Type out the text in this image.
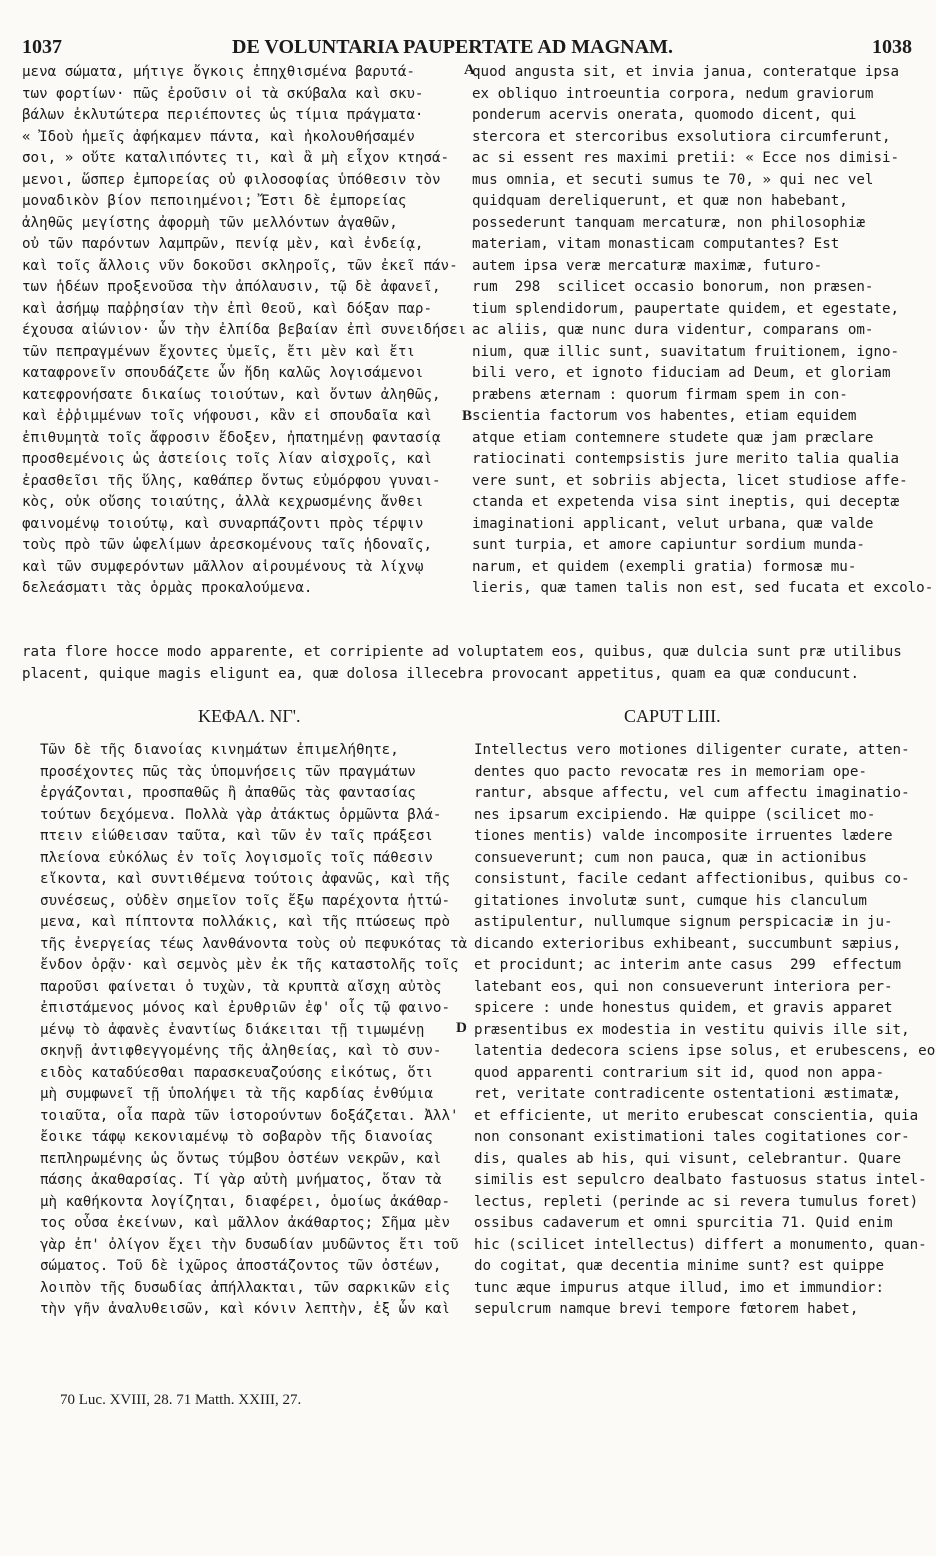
1037	DE VOLUNTARIA PAUPERTATE AD MAGNAM.	1038
μενα σώματα, μήτιγε ὄγκοις ἐπηχθισμένα βαρυτά-
των φορτίων· πῶς ἐροῦσιν οἱ τὰ σκύβαλα καὶ σκυ-
βάλων ἐκλυτώτερα περιέποντες ὡς τίμια πράγματα·
« Ἰδοὺ ἡμεῖς ἀφήκαμεν πάντα, καὶ ἠκολουθήσαμέν
σοι, » οὔτε καταλιπόντες τι, καὶ ἃ μὴ εἶχον κτησά-
μενοι, ὥσπερ ἐμπορείας οὐ φιλοσοφίας ὑπόθεσιν τὸν
μοναδικὸν βίον πεποιημένοι; Ἔστι δὲ ἐμπορείας
ἀληθῶς μεγίστης ἀφορμὴ τῶν μελλόντων ἀγαθῶν,
οὐ τῶν παρόντων λαμπρῶν, πενίᾳ μὲν, καὶ ἐνδείᾳ,
καὶ τοῖς ἄλλοις νῦν δοκοῦσι σκληροῖς, τῶν ἐκεῖ πάν-
των ἡδέων προξενοῦσα τὴν ἀπόλαυσιν, τῷ δὲ ἀφανεῖ,
καὶ ἀσήμῳ παῤῥησίαν τὴν ἐπὶ Θεοῦ, καὶ δόξαν παρ-
έχουσα αἰώνιον· ὧν τὴν ἐλπίδα βεβαίαν ἐπὶ συνειδήσει
τῶν πεπραγμένων ἔχοντες ὑμεῖς, ἔτι μὲν καὶ ἔτι
καταφρονεῖν σπουδάζετε ὧν ἤδη καλῶς λογισάμενοι
κατεφρονήσατε δικαίως τοιούτων, καὶ ὄντων ἀληθῶς,
καὶ ἐῤῥιμμένων τοῖς νήφουσι, κἂν εἰ σπουδαῖα καὶ
ἐπιθυμητὰ τοῖς ἄφροσιν ἔδοξεν, ἠπατημένῃ φαντασίᾳ
προσθεμένοις ὡς ἀστείοις τοῖς λίαν αἰσχροῖς, καὶ
ἐρασθεῖσι τῆς ὕλης, καθάπερ ὄντως εὐμόρφου γυναι-
κὸς, οὐκ οὔσης τοιαύτης, ἀλλὰ κεχρωσμένης ἄνθει
φαινομένῳ τοιούτῳ, καὶ συναρπάζοντι πρὸς τέρψιν
τοὺς πρὸ τῶν ὠφελίμων ἀρεσκομένους ταῖς ἡδοναῖς,
καὶ τῶν συμφερόντων μᾶλλον αἱρουμένους τὰ λίχνῳ
δελεάσματι τὰς ὁρμὰς προκαλούμενα.
quod angusta sit, et invia janua, conteratque ipsa
ex obliquo introeuntia corpora, nedum graviorum
ponderum acervis onerata, quomodo dicent, qui
stercora et stercoribus exsolutiora circumferunt,
ac si essent res maximi pretii: « Ecce nos dimisi-
mus omnia, et secuti sumus te 70, » qui nec vel
quidquam dereliquerunt, et quæ non habebant,
possederunt tanquam mercaturæ, non philosophiæ
materiam, vitam monasticam computantes? Est
autem ipsa veræ mercaturæ maximæ, futuro-
rum  298  scilicet occasio bonorum, non præsen-
tium splendidorum, paupertate quidem, et egestate,
ac aliis, quæ nunc dura videntur, comparans om-
nium, quæ illic sunt, suavitatum fruitionem, igno-
bili vero, et ignoto fiduciam ad Deum, et gloriam
præbens æternam : quorum firmam spem in con-
scientia factorum vos habentes, etiam equidem
atque etiam contemnere studete quæ jam præclare
ratiocinati contempsistis jure merito talia qualia
vere sunt, et sobriis abjecta, licet studiose affe-
ctanda et expetenda visa sint ineptis, qui deceptæ
imaginationi applicant, velut urbana, quæ valde
sunt turpia, et amore capiuntur sordium munda-
narum, et quidem (exempli gratia) formosæ mu-
lieris, quæ tamen talis non est, sed fucata et excolo-
rata flore hocce modo apparente, et corripiente ad voluptatem eos, quibus, quæ dulcia sunt præ utilibus
placent, quique magis eligunt ea, quæ dolosa illecebra provocant appetitus, quam ea quæ conducunt.
A
B
D
ΚΕΦΑΛ. ΝΓ'.	CAPUT LIII.
Τῶν δὲ τῆς διανοίας κινημάτων ἐπιμελήθητε,
προσέχοντες πῶς τὰς ὑπομνήσεις τῶν πραγμάτων
ἐργάζονται, προσπαθῶς ἢ ἀπαθῶς τὰς φαντασίας
τούτων δεχόμενα. Πολλὰ γὰρ ἀτάκτως ὁρμῶντα βλά-
πτειν εἰώθεισαν ταῦτα, καὶ τῶν ἐν ταῖς πράξεσι
πλείονα εὐκόλως ἐν τοῖς λογισμοῖς τοῖς πάθεσιν
εἴκοντα, καὶ συντιθέμενα τούτοις ἀφανῶς, καὶ τῆς
συνέσεως, οὐδὲν σημεῖον τοῖς ἔξω παρέχοντα ἡττώ-
μενα, καὶ πίπτοντα πολλάκις, καὶ τῆς πτώσεως πρὸ
τῆς ἐνεργείας τέως λανθάνοντα τοὺς οὐ πεφυκότας τὰ
ἔνδον ὁρᾷν· καὶ σεμνὸς μὲν ἐκ τῆς καταστολῆς τοῖς
παροῦσι φαίνεται ὁ τυχὼν, τὰ κρυπτὰ αἴσχη αὐτὸς
ἐπιστάμενος μόνος καὶ ἐρυθριῶν ἐφ' οἷς τῷ φαινο-
μένῳ τὸ ἀφανὲς ἐναντίως διάκειται τῇ τιμωμένῃ
σκηνῇ ἀντιφθεγγομένης τῆς ἀληθείας, καὶ τὸ συν-
ειδὸς καταδύεσθαι παρασκευαζούσης εἰκότως, ὅτι
μὴ συμφωνεῖ τῇ ὑπολήψει τὰ τῆς καρδίας ἐνθύμια
τοιαῦτα, οἷα παρὰ τῶν ἱστορούντων δοξάζεται. Ἀλλ'
ἔοικε τάφῳ κεκονιαμένῳ τὸ σοβαρὸν τῆς διανοίας
πεπληρωμένης ὡς ὄντως τύμβου ὀστέων νεκρῶν, καὶ
πάσης ἀκαθαρσίας. Τί γὰρ αὐτὴ μνήματος, ὅταν τὰ
μὴ καθήκοντα λογίζηται, διαφέρει, ὁμοίως ἀκάθαρ-
τος οὖσα ἐκείνων, καὶ μᾶλλον ἀκάθαρτος; Σῆμα μὲν
γὰρ ἐπ' ὀλίγον ἔχει τὴν δυσωδίαν μυδῶντος ἔτι τοῦ
σώματος. Τοῦ δὲ ἰχῶρος ἀποστάζοντος τῶν ὀστέων,
λοιπὸν τῆς δυσωδίας ἀπήλλακται, τῶν σαρκικῶν εἰς
τὴν γῆν ἀναλυθεισῶν, καὶ κόνιν λεπτὴν, ἐξ ὧν καὶ
Intellectus vero motiones diligenter curate, atten-
dentes quo pacto revocatæ res in memoriam ope-
rantur, absque affectu, vel cum affectu imaginatio-
nes ipsarum excipiendo. Hæ quippe (scilicet mo-
tiones mentis) valde incomposite irruentes lædere
consueverunt; cum non pauca, quæ in actionibus
consistunt, facile cedant affectionibus, quibus co-
gitationes involutæ sunt, cumque his clanculum
astipulentur, nullumque signum perspicaciæ in ju-
dicando exterioribus exhibeant, succumbunt sæpius,
et procidunt; ac interim ante casus  299  effectum
latebant eos, qui non consueverunt interiora per-
spicere : unde honestus quidem, et gravis apparet
præsentibus ex modestia in vestitu quivis ille sit,
latentia dedecora sciens ipse solus, et erubescens, eo
quod apparenti contrarium sit id, quod non appa-
ret, veritate contradicente ostentationi æstimatæ,
et efficiente, ut merito erubescat conscientia, quia
non consonant existimationi tales cogitationes cor-
dis, quales ab his, qui visunt, celebrantur. Quare
similis est sepulcro dealbato fastuosus status intel-
lectus, repleti (perinde ac si revera tumulus foret)
ossibus cadaverum et omni spurcitia 71. Quid enim
hic (scilicet intellectus) differt a monumento, quan-
do cogitat, quæ decentia minime sunt? est quippe
tunc æque impurus atque illud, imo et immundior:
sepulcrum namque brevi tempore fœtorem habet,
70 Luc. XVIII, 28. 71 Matth. XXIII, 27.
